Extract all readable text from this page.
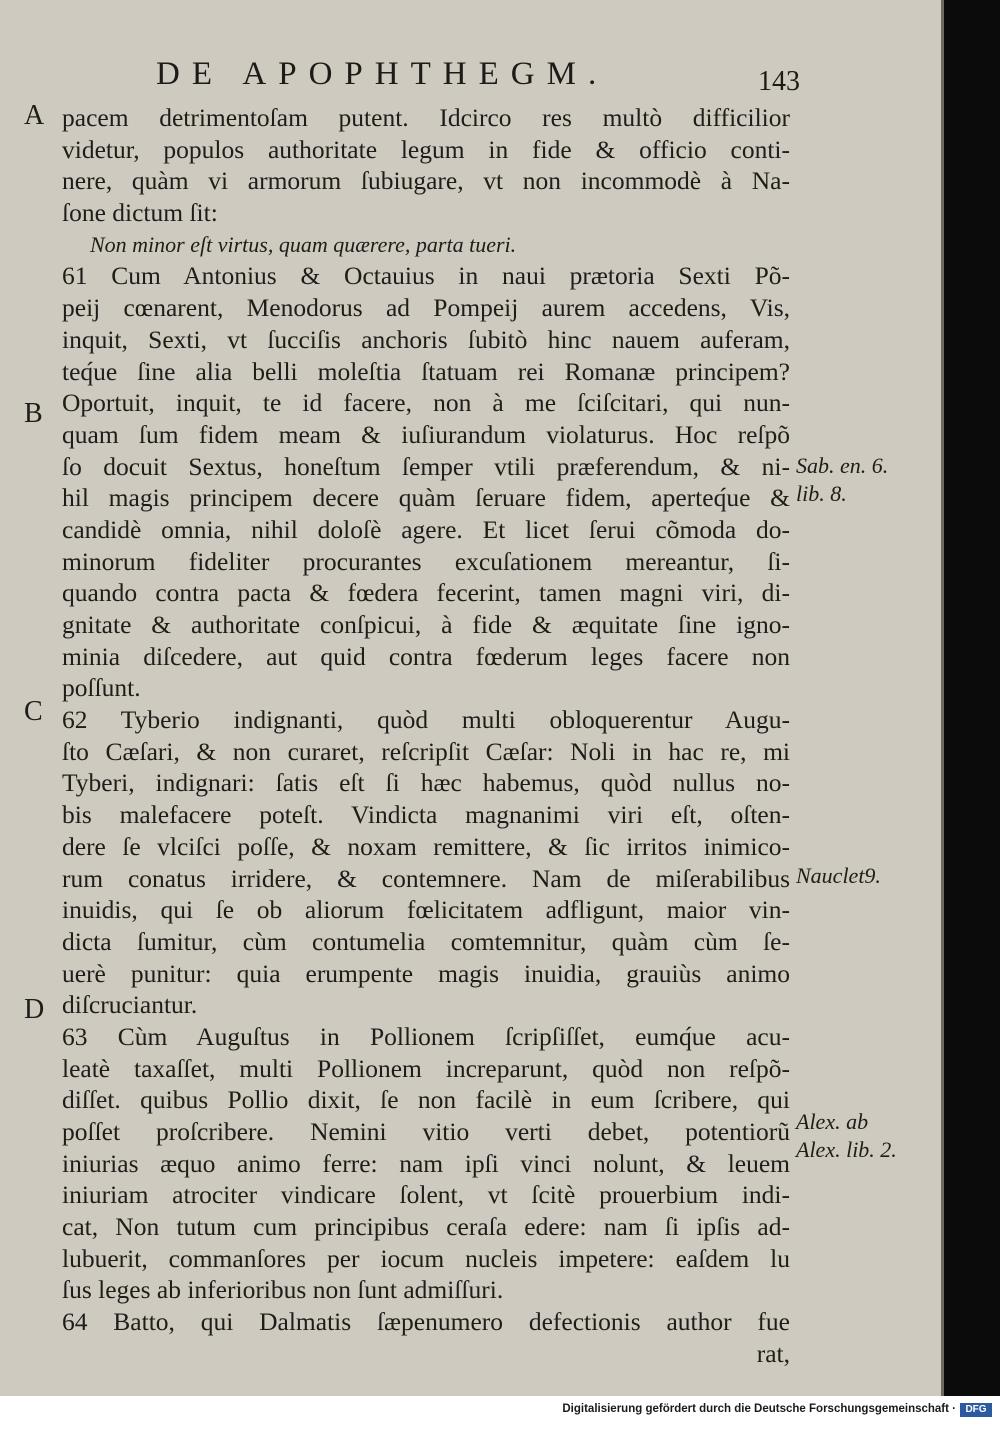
DE APOPHTHEGM.	143
A
B
C
D
Sab. en. 6.
lib. 8.
Nauclet9.
Alex. ab
Alex. lib. 2.
pacem detrimentoſam putent. Idcirco res multò difficilior
videtur, populos authoritate legum in fide & officio conti-
nere, quàm vi armorum ſubiugare, vt non incommodè à Na-
ſone dictum ſit:
Non minor eſt virtus, quam quærere, parta tueri.
61 Cum Antonius & Octauius in naui prætoria Sexti Põ-
peij cœnarent, Menodorus ad Pompeij aurem accedens, Vis,
inquit, Sexti, vt ſucciſis anchoris ſubitò hinc nauem auferam,
teq́ue ſine alia belli moleſtia ſtatuam rei Romanæ principem?
Oportuit, inquit, te id facere, non à me ſciſcitari, qui nun-
quam ſum fidem meam & iuſiurandum violaturus. Hoc reſpõ
ſo docuit Sextus, honeſtum ſemper vtili præferendum, & ni-
hil magis principem decere quàm ſeruare fidem, aperteq́ue &
candidè omnia, nihil doloſè agere. Et licet ſerui cõmoda do-
minorum fideliter procurantes excuſationem mereantur, ſi-
quando contra pacta & fœdera fecerint, tamen magni viri, di-
gnitate & authoritate conſpicui, à fide & æquitate ſine igno-
minia diſcedere, aut quid contra fœderum leges facere non
poſſunt.
62 Tyberio indignanti, quòd multi obloquerentur Augu-
ſto Cæſari, & non curaret, reſcripſit Cæſar: Noli in hac re, mi
Tyberi, indignari: ſatis eſt ſi hæc habemus, quòd nullus no-
bis malefacere poteſt. Vindicta magnanimi viri eſt, oſten-
dere ſe vlciſci poſſe, & noxam remittere, & ſic irritos inimico-
rum conatus irridere, & contemnere. Nam de miſerabilibus
inuidis, qui ſe ob aliorum fœlicitatem adfligunt, maior vin-
dicta ſumitur, cùm contumelia comtemnitur, quàm cùm ſe-
uerè punitur: quia erumpente magis inuidia, grauiùs animo
diſcruciantur.
63 Cùm Auguſtus in Pollionem ſcripſiſſet, eumq́ue acu-
leatè taxaſſet, multi Pollionem increparunt, quòd non reſpõ-
diſſet. quibus Pollio dixit, ſe non facilè in eum ſcribere, qui
poſſet proſcribere. Nemini vitio verti debet, potentiorũ
iniurias æquo animo ferre: nam ipſi vinci nolunt, & leuem
iniuriam atrociter vindicare ſolent, vt ſcitè prouerbium indi-
cat, Non tutum cum principibus ceraſa edere: nam ſi ipſis ad-
lubuerit, commanſores per iocum nucleis impetere: eaſdem lu
ſus leges ab inferioribus non ſunt admiſſuri.
64 Batto, qui Dalmatis ſæpenumero defectionis author fue
rat,
Digitalisierung gefördert durch die Deutsche Forschungsgemeinschaft · DFG
